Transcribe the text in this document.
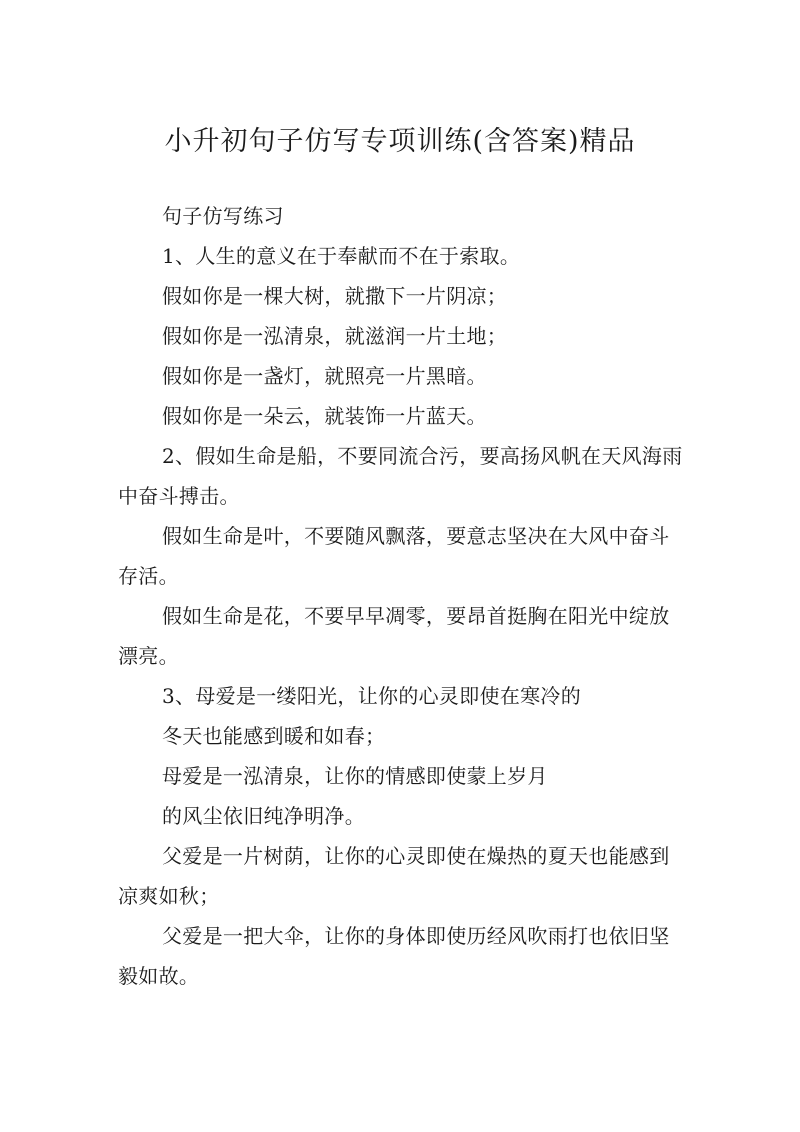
小升初句子仿写专项训练(含答案)精品

句子仿写练习

1、人生的意义在于奉献而不在于索取。

假如你是一棵大树，就撒下一片阴凉；

假如你是一泓清泉，就滋润一片土地；

假如你是一盏灯，就照亮一片黑暗。

假如你是一朵云，就装饰一片蓝天。

2、假如生命是船，不要同流合污，要高扬风帆在天风海雨中奋斗搏击。

假如生命是叶，不要随风飘落，要意志坚决在大风中奋斗存活。

假如生命是花，不要早早凋零，要昂首挺胸在阳光中绽放漂亮。

3、母爱是一缕阳光，让你的心灵即使在寒冷的

冬天也能感到暖和如春；

母爱是一泓清泉，让你的情感即使蒙上岁月

的风尘依旧纯净明净。

父爱是一片树荫，让你的心灵即使在燥热的夏天也能感到凉爽如秋；

父爱是一把大伞，让你的身体即使历经风吹雨打也依旧坚毅如故。
